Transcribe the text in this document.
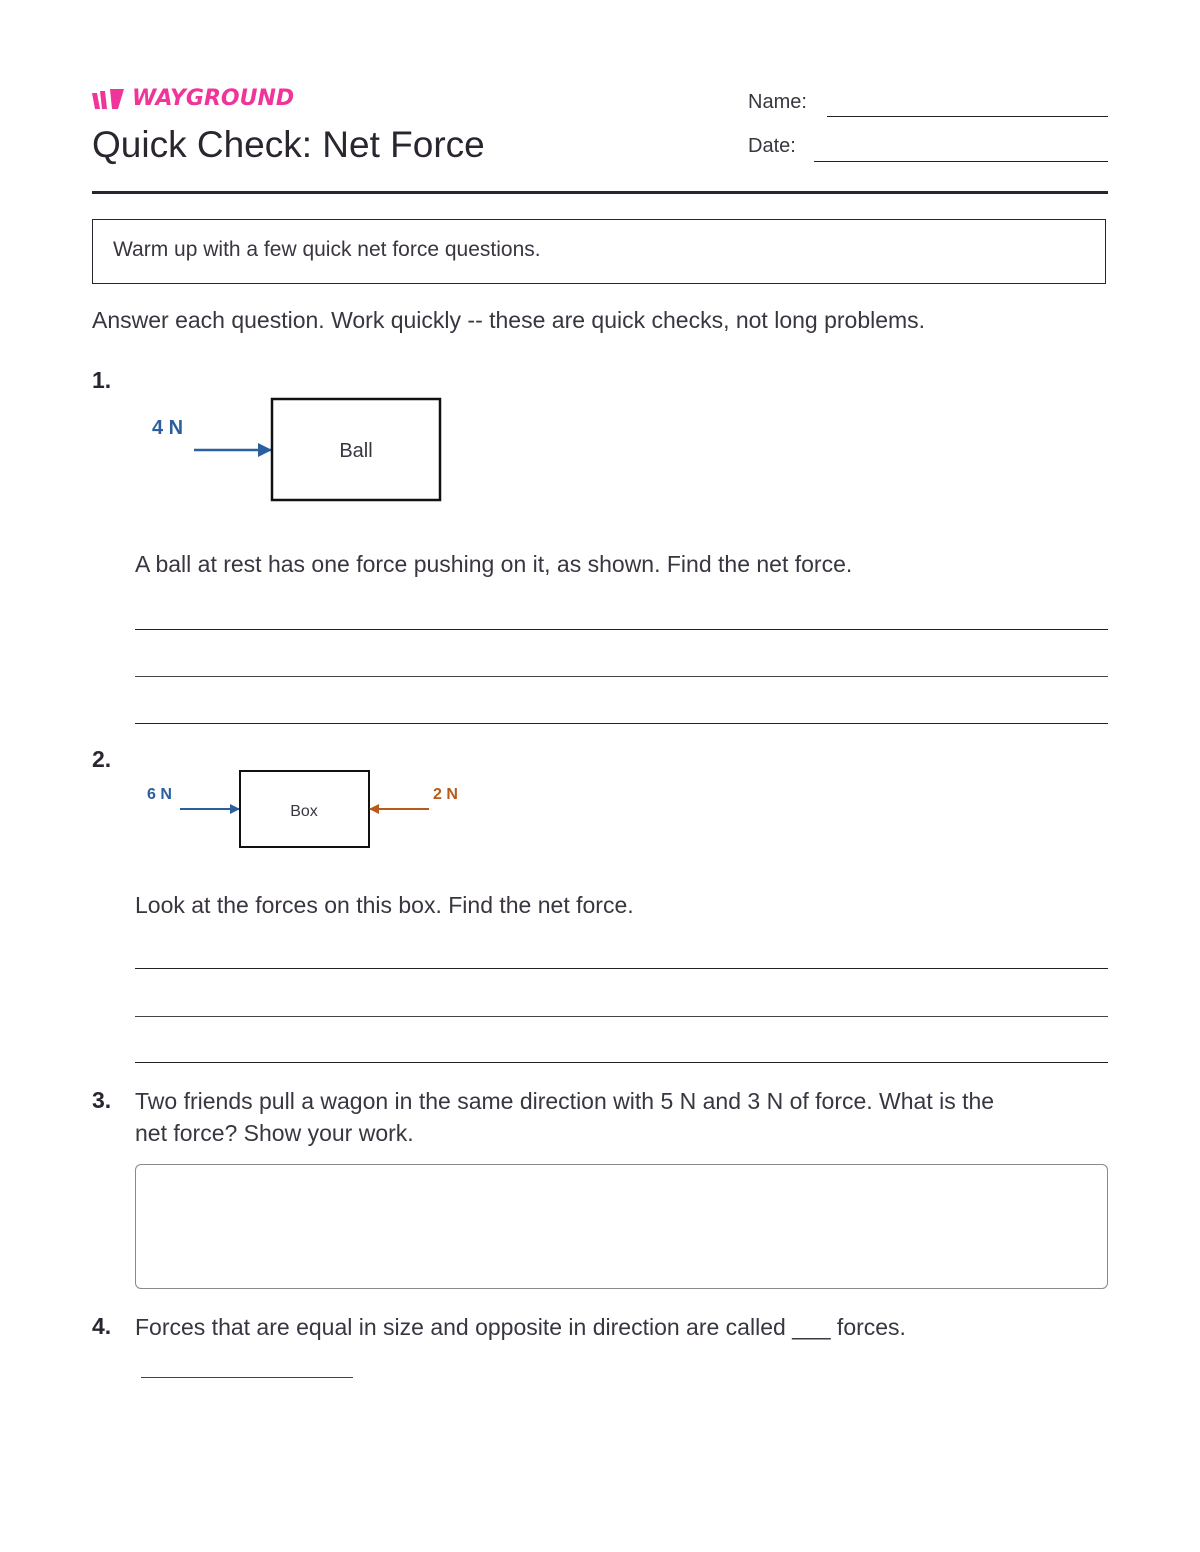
WAYGROUND
Quick Check: Net Force
Name:
Date:
Warm up with a few quick net force questions.
Answer each question. Work quickly -- these are quick checks, not long problems.
1.
4 N
Ball
A ball at rest has one force pushing on it, as shown. Find the net force.
2.
6 N
Box
2 N
Look at the forces on this box. Find the net force.
3. Two friends pull a wagon in the same direction with 5 N and 3 N of force. What is the
net force? Show your work.
4. Forces that are equal in size and opposite in direction are called ___ forces.
